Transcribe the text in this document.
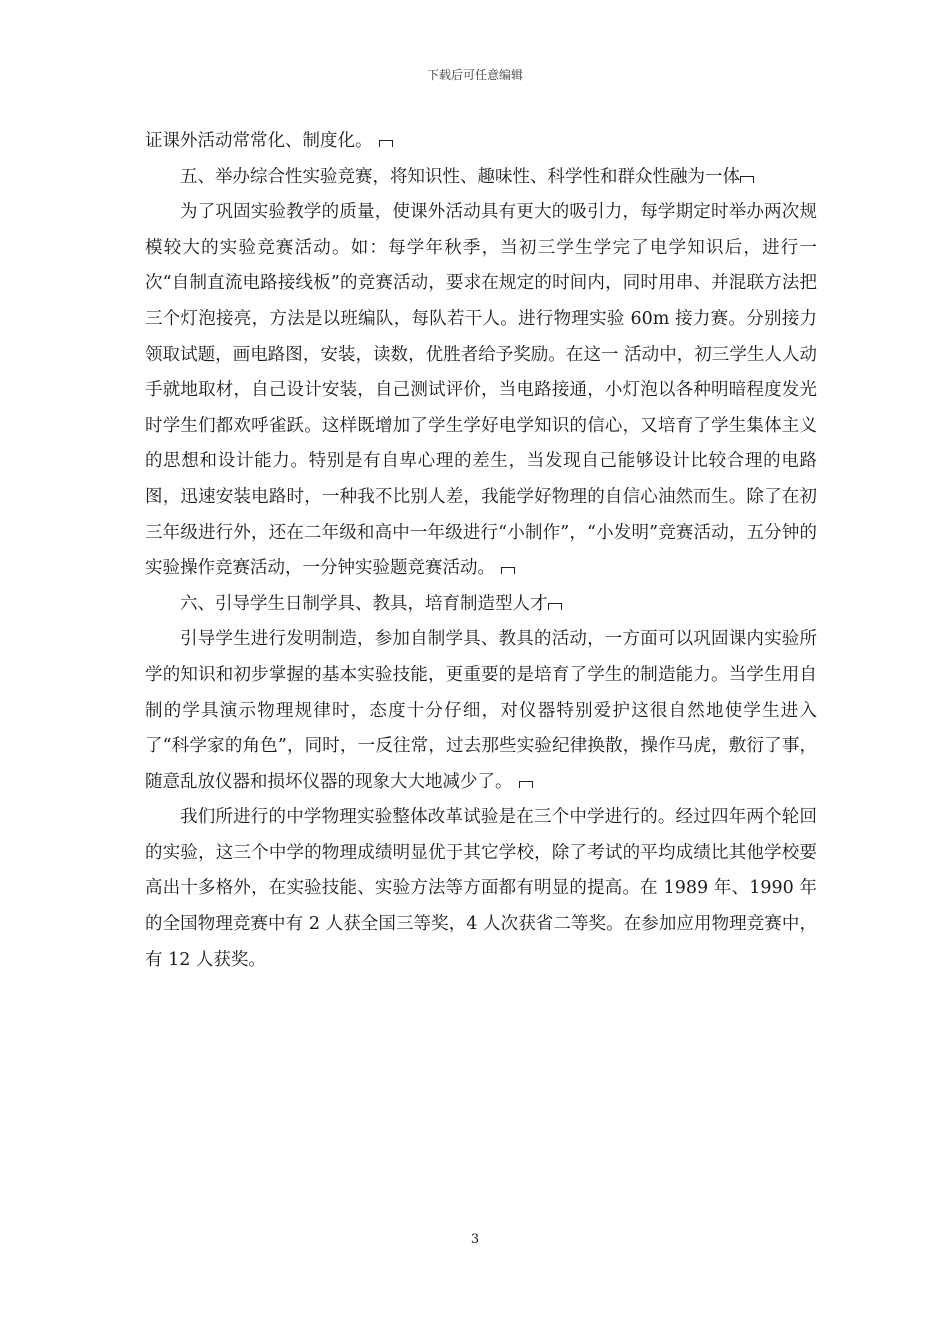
下载后可任意编辑

证课外活动常常化、制度化。

五、举办综合性实验竞赛，将知识性、趣味性、科学性和群众性融为一体

为了巩固实验教学的质量，使课外活动具有更大的吸引力，每学期定时举办两次规模较大的实验竞赛活动。如：每学年秋季，当初三学生学完了电学知识后，进行一次“自制直流电路接线板”的竞赛活动，要求在规定的时间内，同时用串、并混联方法把三个灯泡接亮，方法是以班编队，每队若干人。进行物理实验 60m 接力赛。分别接力领取试题，画电路图，安装，读数，优胜者给予奖励。在这一 活动中，初三学生人人动手就地取材，自己设计安装，自己测试评价，当电路接通，小灯泡以各种明暗程度发光时学生们都欢呼雀跃。这样既增加了学生学好电学知识的信心，又培育了学生集体主义的思想和设计能力。特别是有自卑心理的差生，当发现自己能够设计比较合理的电路图，迅速安装电路时，一种我不比别人差，我能学好物理的自信心油然而生。除了在初三年级进行外，还在二年级和高中一年级进行“小制作”，“小发明”竞赛活动，五分钟的实验操作竞赛活动，一分钟实验题竞赛活动。

六、引导学生日制学具、教具，培育制造型人才

引导学生进行发明制造，参加自制学具、教具的活动，一方面可以巩固课内实验所学的知识和初步掌握的基本实验技能，更重要的是培育了学生的制造能力。当学生用自制的学具演示物理规律时，态度十分仔细，对仪器特别爱护这很自然地使学生进入了“科学家的角色”，同时，一反往常，过去那些实验纪律换散，操作马虎，敷衍了事，随意乱放仪器和损坏仪器的现象大大地减少了。

我们所进行的中学物理实验整体改革试验是在三个中学进行的。经过四年两个轮回的实验，这三个中学的物理成绩明显优于其它学校，除了考试的平均成绩比其他学校要高出十多格外，在实验技能、实验方法等方面都有明显的提高。在 1989 年、1990 年的全国物理竞赛中有 2 人获全国三等奖，4 人次获省二等奖。在参加应用物理竞赛中，有 12 人获奖。

3
